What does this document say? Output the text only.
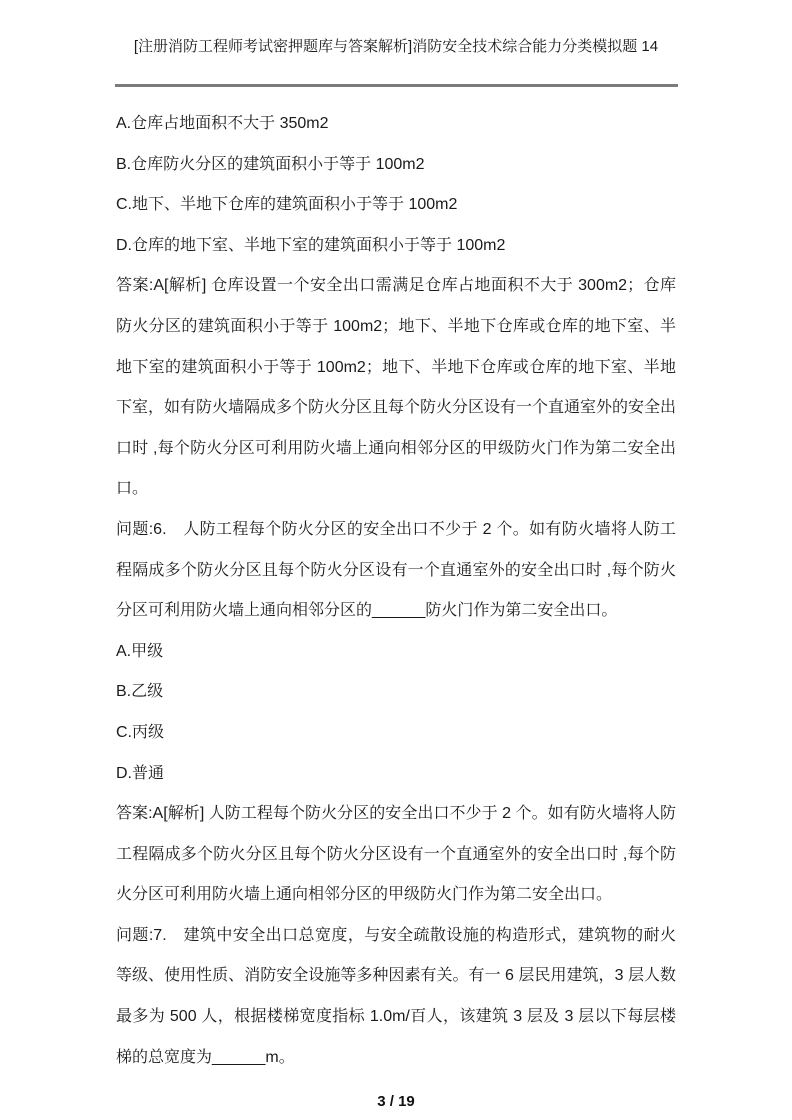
[注册消防工程师考试密押题库与答案解析]消防安全技术综合能力分类模拟题 14

A.仓库占地面积不大于 350m2

B.仓库防火分区的建筑面积小于等于 100m2

C.地下、半地下仓库的建筑面积小于等于 100m2

D.仓库的地下室、半地下室的建筑面积小于等于 100m2

答案:A[解析] 仓库设置一个安全出口需满足仓库占地面积不大于 300m2；仓库防火分区的建筑面积小于等于 100m2；地下、半地下仓库或仓库的地下室、半地下室的建筑面积小于等于 100m2；地下、半地下仓库或仓库的地下室、半地下室，如有防火墙隔成多个防火分区且每个防火分区设有一个直通室外的安全出口时 ,每个防火分区可利用防火墙上通向相邻分区的甲级防火门作为第二安全出口。

问题:6.　人防工程每个防火分区的安全出口不少于 2 个。如有防火墙将人防工程隔成多个防火分区且每个防火分区设有一个直通室外的安全出口时 ,每个防火分区可利用防火墙上通向相邻分区的______防火门作为第二安全出口。

A.甲级

B.乙级

C.丙级

D.普通

答案:A[解析] 人防工程每个防火分区的安全出口不少于 2 个。如有防火墙将人防工程隔成多个防火分区且每个防火分区设有一个直通室外的安全出口时 ,每个防火分区可利用防火墙上通向相邻分区的甲级防火门作为第二安全出口。

问题:7.　建筑中安全出口总宽度，与安全疏散设施的构造形式，建筑物的耐火等级、使用性质、消防安全设施等多种因素有关。有一 6 层民用建筑，3 层人数最多为 500 人，根据楼梯宽度指标 1.0m/百人，该建筑 3 层及 3 层以下每层楼梯的总宽度为______m。

3 / 19
